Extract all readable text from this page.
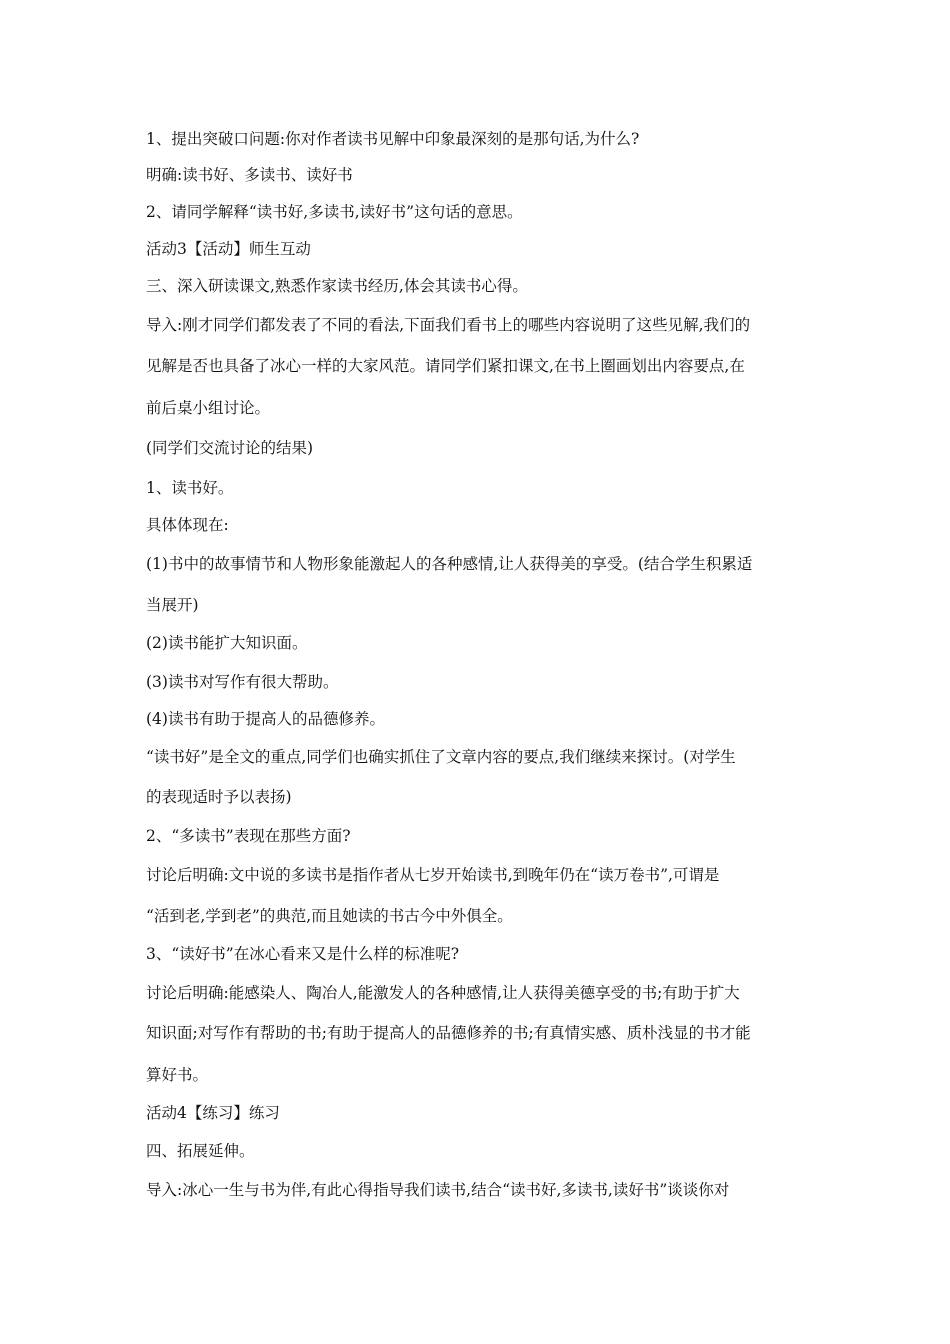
1、提出突破口问题:你对作者读书见解中印象最深刻的是那句话,为什么?
明确:读书好、多读书、读好书
2、请同学解释“读书好,多读书,读好书”这句话的意思。
活动3【活动】师生互动
三、深入研读课文,熟悉作家读书经历,体会其读书心得。
导入:刚才同学们都发表了不同的看法,下面我们看书上的哪些内容说明了这些见解,我们的
见解是否也具备了冰心一样的大家风范。请同学们紧扣课文,在书上圈画划出内容要点,在
前后桌小组讨论。
(同学们交流讨论的结果)
1、读书好。
具体体现在:
(1)书中的故事情节和人物形象能激起人的各种感情,让人获得美的享受。(结合学生积累适
当展开)
(2)读书能扩大知识面。
(3)读书对写作有很大帮助。
(4)读书有助于提高人的品德修养。
“读书好”是全文的重点,同学们也确实抓住了文章内容的要点,我们继续来探讨。(对学生
的表现适时予以表扬)
2、“多读书”表现在那些方面?
讨论后明确:文中说的多读书是指作者从七岁开始读书,到晚年仍在“读万卷书”,可谓是
“活到老,学到老”的典范,而且她读的书古今中外俱全。
3、“读好书”在冰心看来又是什么样的标准呢?
讨论后明确:能感染人、陶冶人,能激发人的各种感情,让人获得美德享受的书;有助于扩大
知识面;对写作有帮助的书;有助于提高人的品德修养的书;有真情实感、质朴浅显的书才能
算好书。
活动4【练习】练习
四、拓展延伸。
导入:冰心一生与书为伴,有此心得指导我们读书,结合“读书好,多读书,读好书”谈谈你对
